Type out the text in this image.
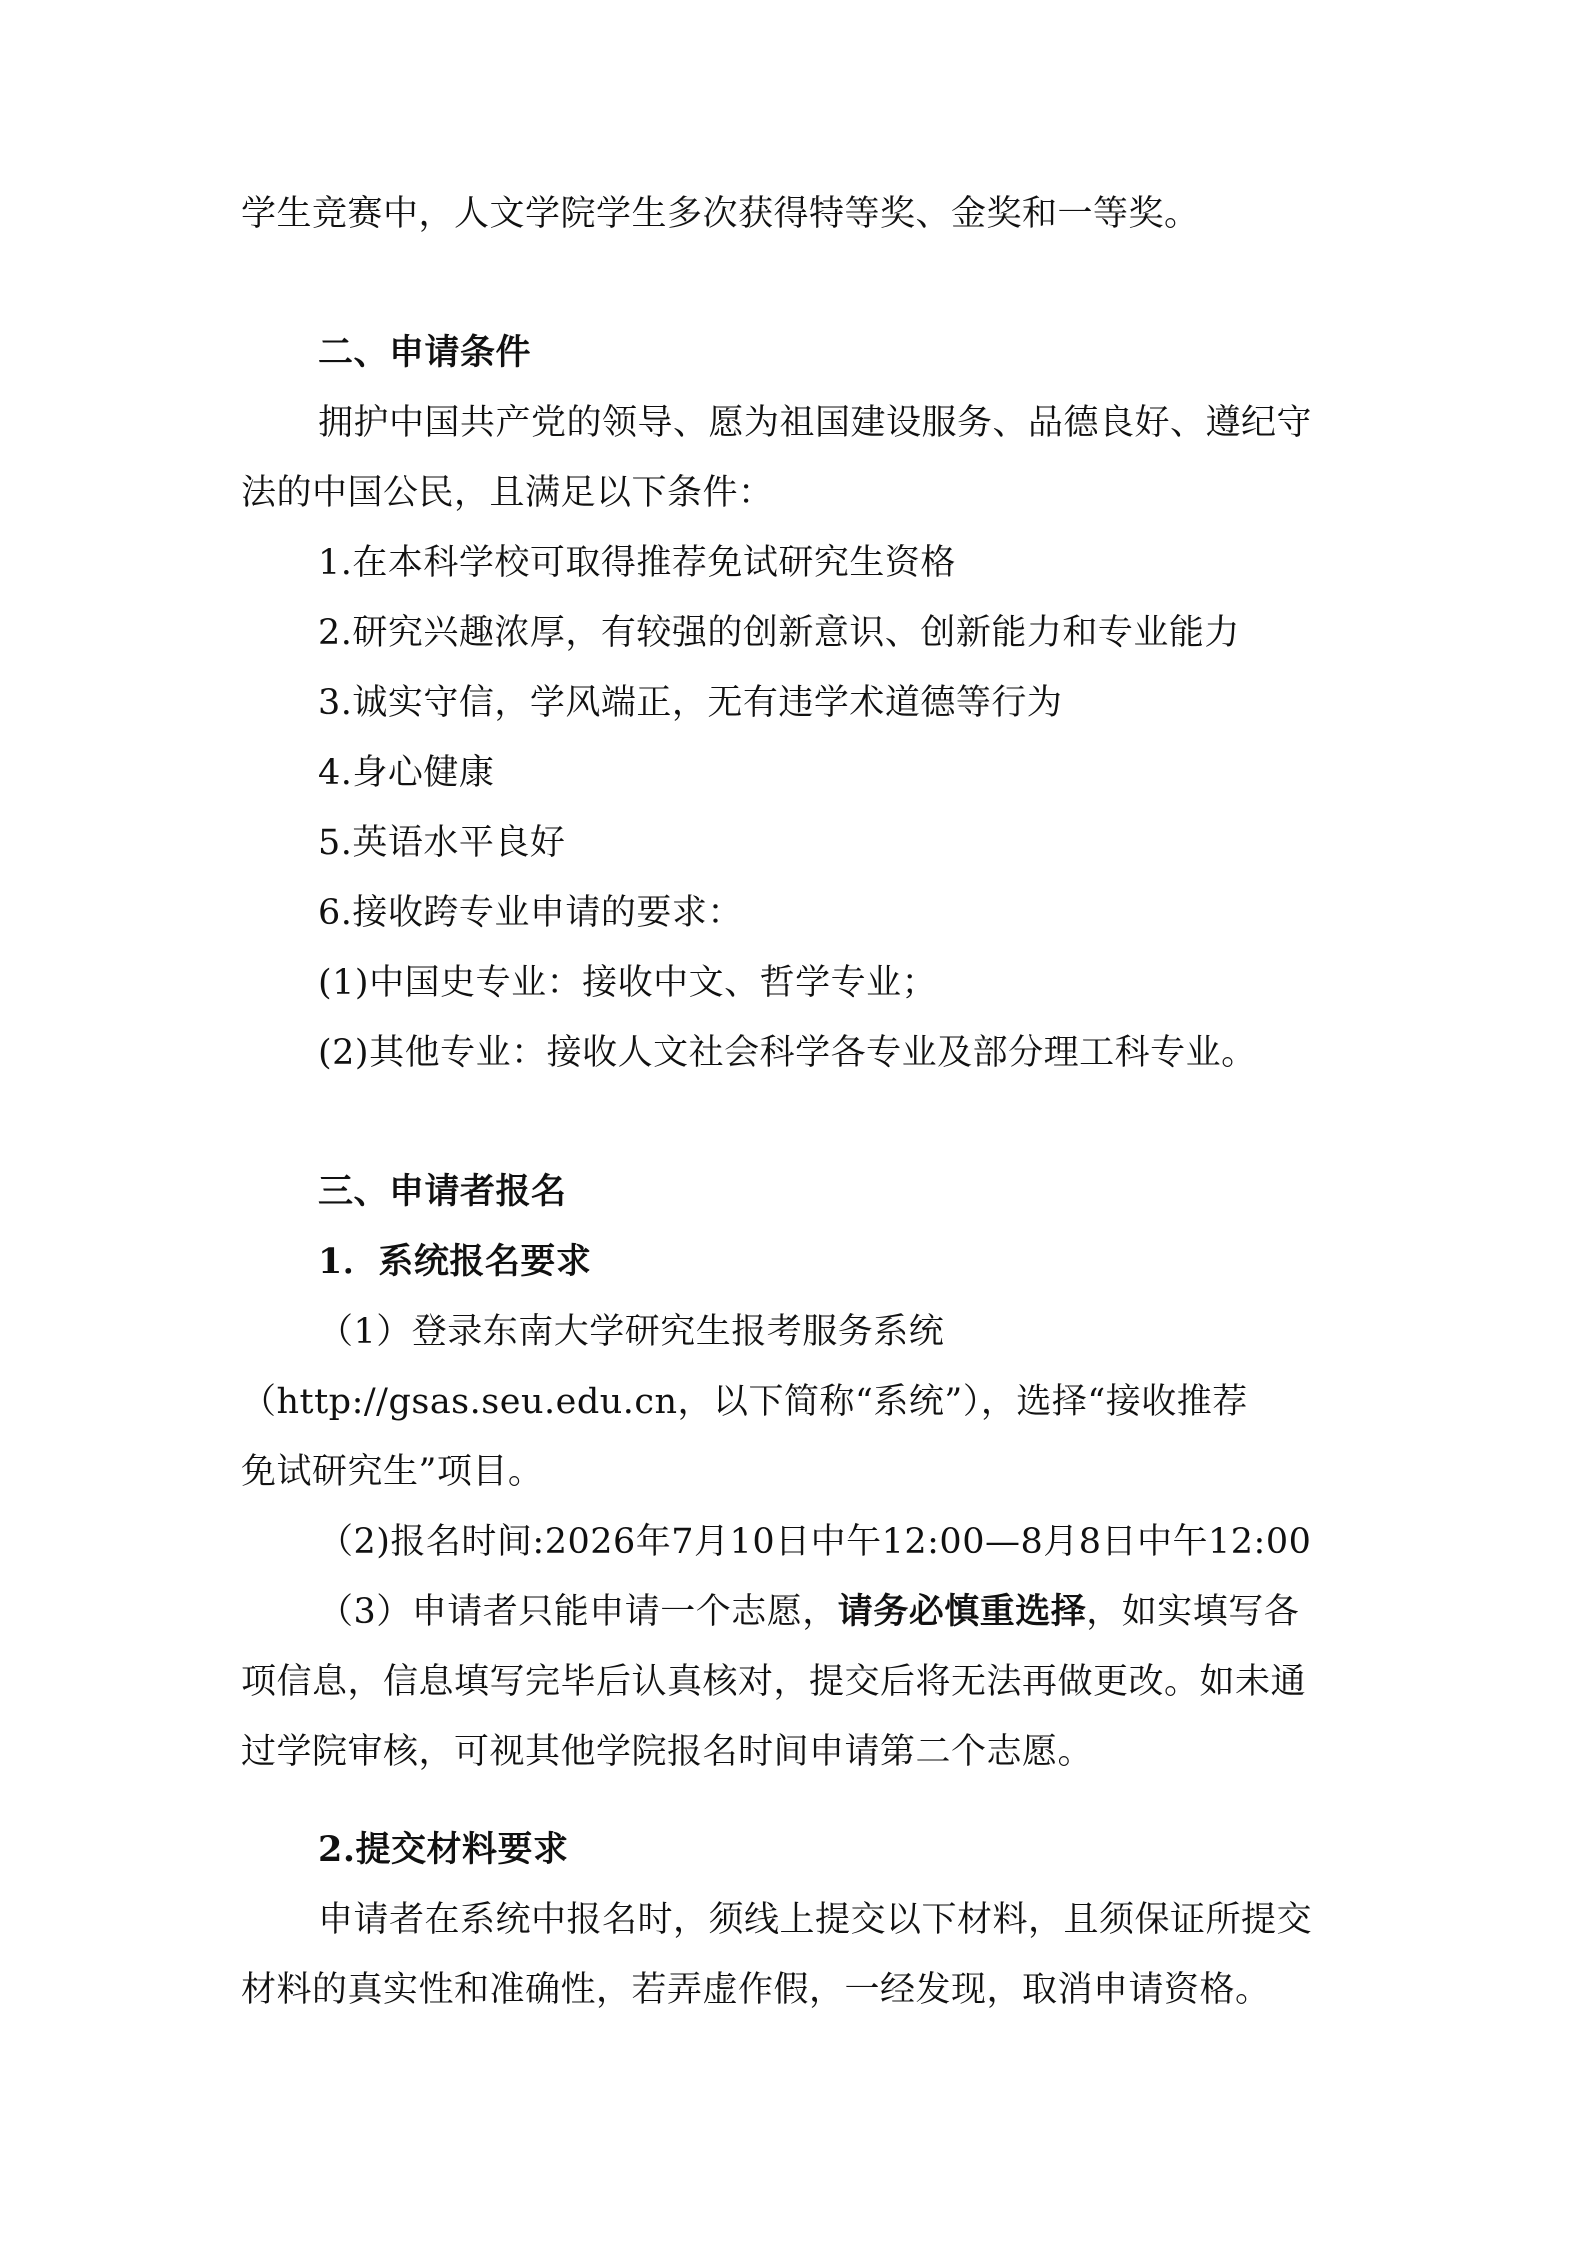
学生竞赛中，人文学院学生多次获得特等奖、金奖和一等奖。
二、申请条件
拥护中国共产党的领导、愿为祖国建设服务、品德良好、遵纪守
法的中国公民，且满足以下条件：
1.在本科学校可取得推荐免试研究生资格
2.研究兴趣浓厚，有较强的创新意识、创新能力和专业能力
3.诚实守信，学风端正，无有违学术道德等行为
4.身心健康
5.英语水平良好
6.接收跨专业申请的要求：
(1)中国史专业：接收中文、哲学专业；
(2)其他专业：接收人文社会科学各专业及部分理工科专业。
三、申请者报名
1．系统报名要求
（1）登录东南大学研究生报考服务系统
（http://gsas.seu.edu.cn，以下简称“系统”），选择“接收推荐
免试研究生”项目。
（2)报名时间:2026年7月10日中午12:00—8月8日中午12:00
（3）申请者只能申请一个志愿，请务必慎重选择，如实填写各
项信息，信息填写完毕后认真核对，提交后将无法再做更改。如未通
过学院审核，可视其他学院报名时间申请第二个志愿。
2.提交材料要求
申请者在系统中报名时，须线上提交以下材料，且须保证所提交
材料的真实性和准确性，若弄虚作假，一经发现，取消申请资格。
